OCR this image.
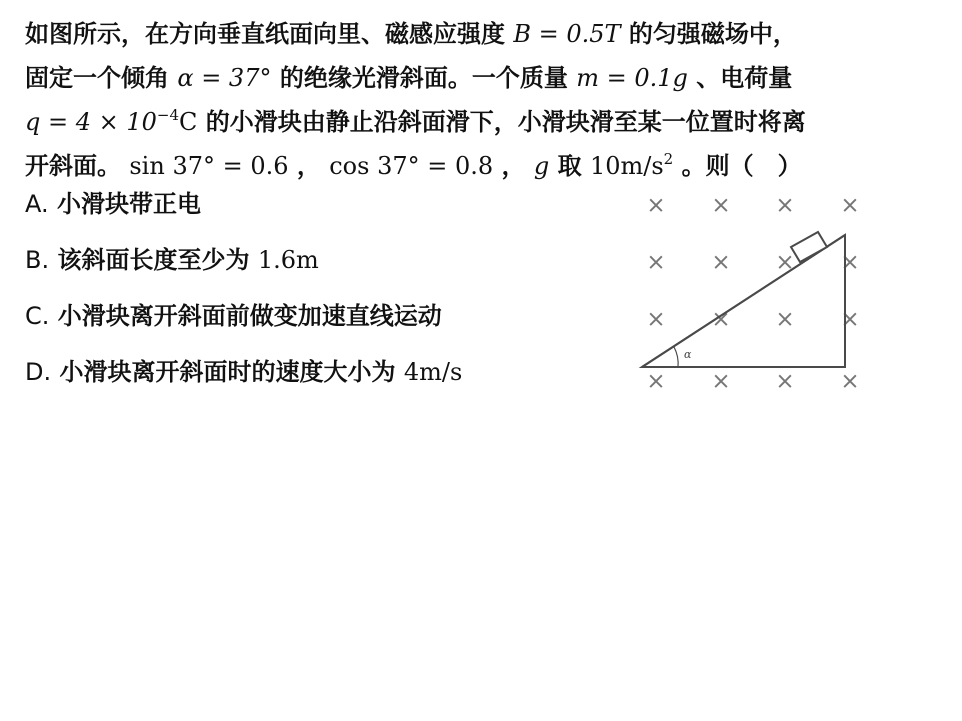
如图所示，在方向垂直纸面向里、磁感应强度 B = 0.5T 的匀强磁场中，
固定一个倾角 α = 37° 的绝缘光滑斜面。一个质量 m = 0.1g 、电荷量
$q = 4 \times 10^{-4}C$ 的小滑块由静止沿斜面滑下，小滑块滑至某一位置时将离
开斜面。 sin 37° = 0.6 ， cos 37° = 0.8 ， g 取 $10m/s^2$ 。则（　）
A. 小滑块带正电
B. 该斜面长度至少为 1.6m
C. 小滑块离开斜面前做变加速直线运动
D. 小滑块离开斜面时的速度大小为 4m/s
× × × ×
× × × ×
× × × ×
× × × ×
α
